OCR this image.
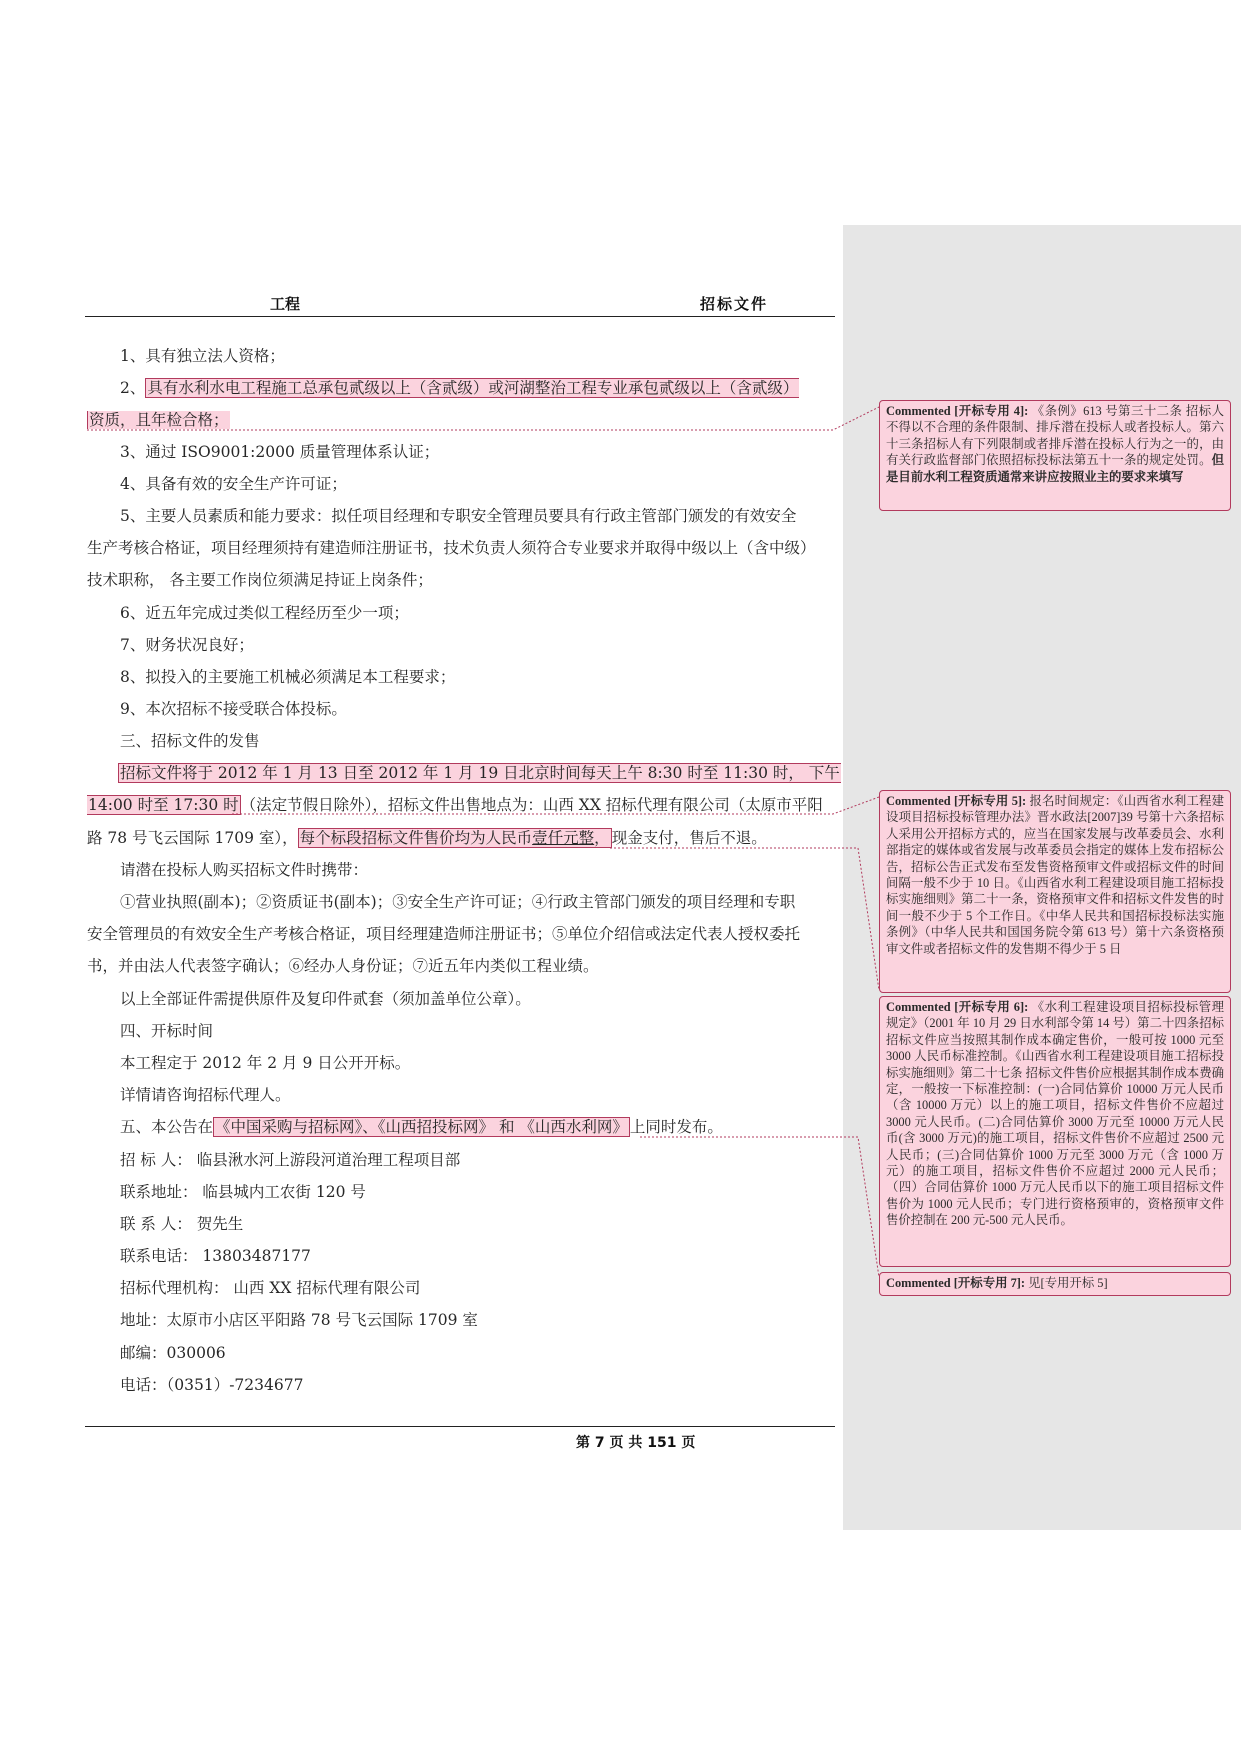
工程	招标文件
1、具有独立法人资格；
2、 具有水利水电工程施工总承包贰级以上（含贰级）或河湖整治工程专业承包贰级以上（含贰级）
资质，且年检合格；
3、通过 ISO9001:2000 质量管理体系认证；
4、具备有效的安全生产许可证；
5、主要人员素质和能力要求：拟任项目经理和专职安全管理员要具有行政主管部门颁发的有效安全
生产考核合格证，项目经理须持有建造师注册证书，技术负责人须符合专业要求并取得中级以上（含中级）
技术职称， 各主要工作岗位须满足持证上岗条件；
6、近五年完成过类似工程经历至少一项；
7、财务状况良好；
8、拟投入的主要施工机械必须满足本工程要求；
9、本次招标不接受联合体投标。
三、招标文件的发售
招标文件将于 2012 年 1 月 13 日至 2012 年 1 月 19 日北京时间每天上午 8:30 时至 11:30 时， 下午
14:00 时至 17:30 时 （法定节假日除外），招标文件出售地点为：山西 XX 招标代理有限公司（太原市平阳
路 78 号飞云国际 1709 室）， 每个标段招标文件售价均为人民币壹仟元整， 现金支付，售后不退。
请潜在投标人购买招标文件时携带：
①营业执照(副本)；②资质证书(副本)；③安全生产许可证；④行政主管部门颁发的项目经理和专职
安全管理员的有效安全生产考核合格证，项目经理建造师注册证书；⑤单位介绍信或法定代表人授权委托
书，并由法人代表签字确认；⑥经办人身份证；⑦近五年内类似工程业绩。
以上全部证件需提供原件及复印件贰套（须加盖单位公章）。
四、开标时间
本工程定于 2012 年 2 月 9 日公开开标。
详情请咨询招标代理人。
五、本公告在 《中国采购与招标网》、《山西招投标网》 和 《山西水利网》 上同时发布。
招 标 人： 临县湫水河上游段河道治理工程项目部
联系地址： 临县城内工农街 120 号
联 系 人： 贺先生
联系电话： 13803487177
招标代理机构： 山西 XX 招标代理有限公司
地址：太原市小店区平阳路 78 号飞云国际 1709 室
邮编：030006
电话：（0351）-7234677
第 7 页 共 151 页
Commented [开标专用 4]: 《条例》613 号第三十二条 招标人不得以不合理的条件限制、排斥潜在投标人或者投标人。第六十三条招标人有下列限制或者排斥潜在投标人行为之一的，由有关行政监督部门依照招标投标法第五十一条的规定处罚。但是目前水利工程资质通常来讲应按照业主的要求来填写
Commented [开标专用 5]: 报名时间规定：《山西省水利工程建设项目招标投标管理办法》晋水政法[2007]39 号第十六条招标人采用公开招标方式的，应当在国家发展与改革委员会、水利部指定的媒体或省发展与改革委员会指定的媒体上发布招标公告，招标公告正式发布至发售资格预审文件或招标文件的时间间隔一般不少于 10 日。《山西省水利工程建设项目施工招标投标实施细则》第二十一条，资格预审文件和招标文件发售的时间一般不少于 5 个工作日。《中华人民共和国招标投标法实施条例》（中华人民共和国国务院令第 613 号）第十六条资格预审文件或者招标文件的发售期不得少于 5 日
Commented [开标专用 6]: 《水利工程建设项目招标投标管理规定》（2001 年 10 月 29 日水利部令第 14 号）第二十四条招标 招标文件应当按照其制作成本确定售价，一般可按 1000 元至 3000 人民币标准控制。《山西省水利工程建设项目施工招标投标实施细则》第二十七条 招标文件售价应根据其制作成本费确定，一般按一下标准控制：(一)合同估算价 10000 万元人民币（含 10000 万元）以上的施工项目，招标文件售价不应超过 3000 元人民币。(二)合同估算价 3000 万元至 10000 万元人民币(含 3000 万元)的施工项目，招标文件售价不应超过 2500 元人民币；(三)合同估算价 1000 万元至 3000 万元（含 1000 万元）的施工项目，招标文件售价不应超过 2000 元人民币；（四）合同估算价 1000 万元人民币以下的施工项目招标文件售价为 1000 元人民币；专门进行资格预审的，资格预审文件售价控制在 200 元-500 元人民币。
Commented [开标专用 7]: 见[专用开标 5]
